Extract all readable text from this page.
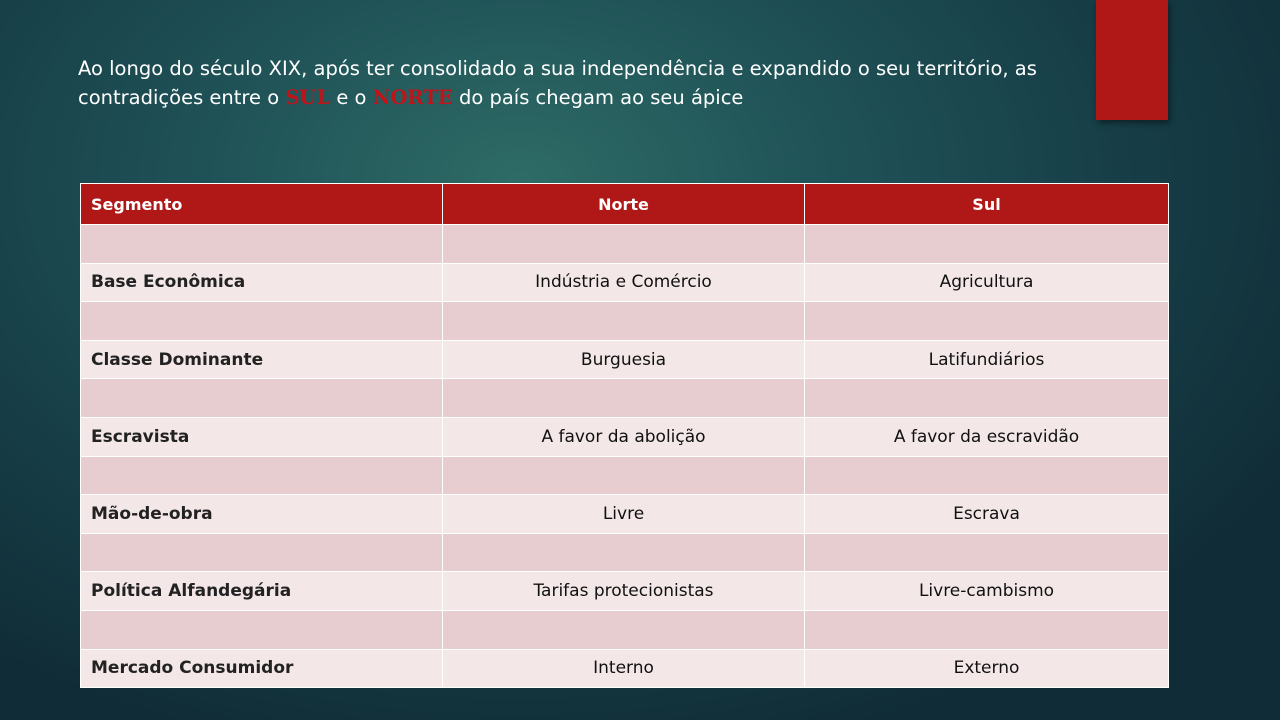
Ao longo do século XIX, após ter consolidado a sua independência e expandido o seu território, as contradições entre o SUL e o NORTE do país chegam ao seu ápice
Segmento	Norte	Sul

Base Econômica	Indústria e Comércio	Agricultura

Classe Dominante	Burguesia	Latifundiários

Escravista	A favor da abolição	A favor da escravidão

Mão-de-obra	Livre	Escrava

Política Alfandegária	Tarifas protecionistas	Livre-cambismo

Mercado Consumidor	Interno	Externo
